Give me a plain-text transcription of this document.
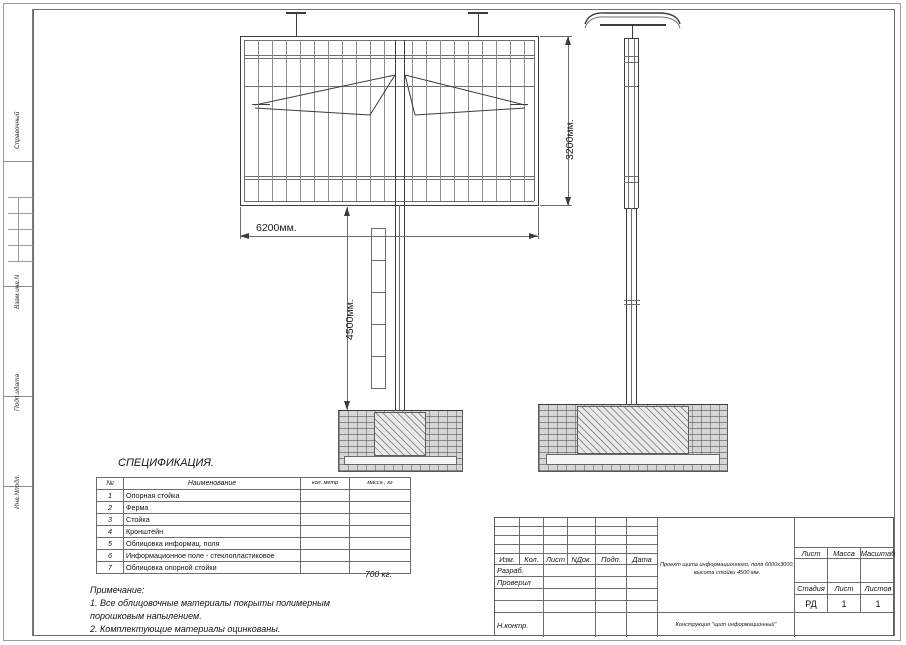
Справочный
Взам.инв.N
Подп.идата
Инв.Nподл.
3200мм.
6200мм.
4500мм.
СПЕЦИФИКАЦИЯ.
№	Наименование	кол. метр	масса , кг
1	Опорная стойка		
2	Ферма		
3	Стойка		
4	Кронштейн		
5	Облицовка информац. поля		
6	Информационное поле - стеклопластиковое		
7	Облицовка опорной стойки		
700 кг.
Примечание:
1. Все облицовочные материалы покрыты полимерным
порошковым напылением.
2. Комплектующие материалы оцинкованы.
Изм.	Кол. Лист NДок.	Подп.	Дата
Разраб.
Проверил
Н.контр.
Проект щита информационного, поля 6000х3000,
высота стойки 4500 мм.
Конструкция "щит информационный"
Лист	Масса Масштаб
Стадия	Лист	Листов
РД	1	1
